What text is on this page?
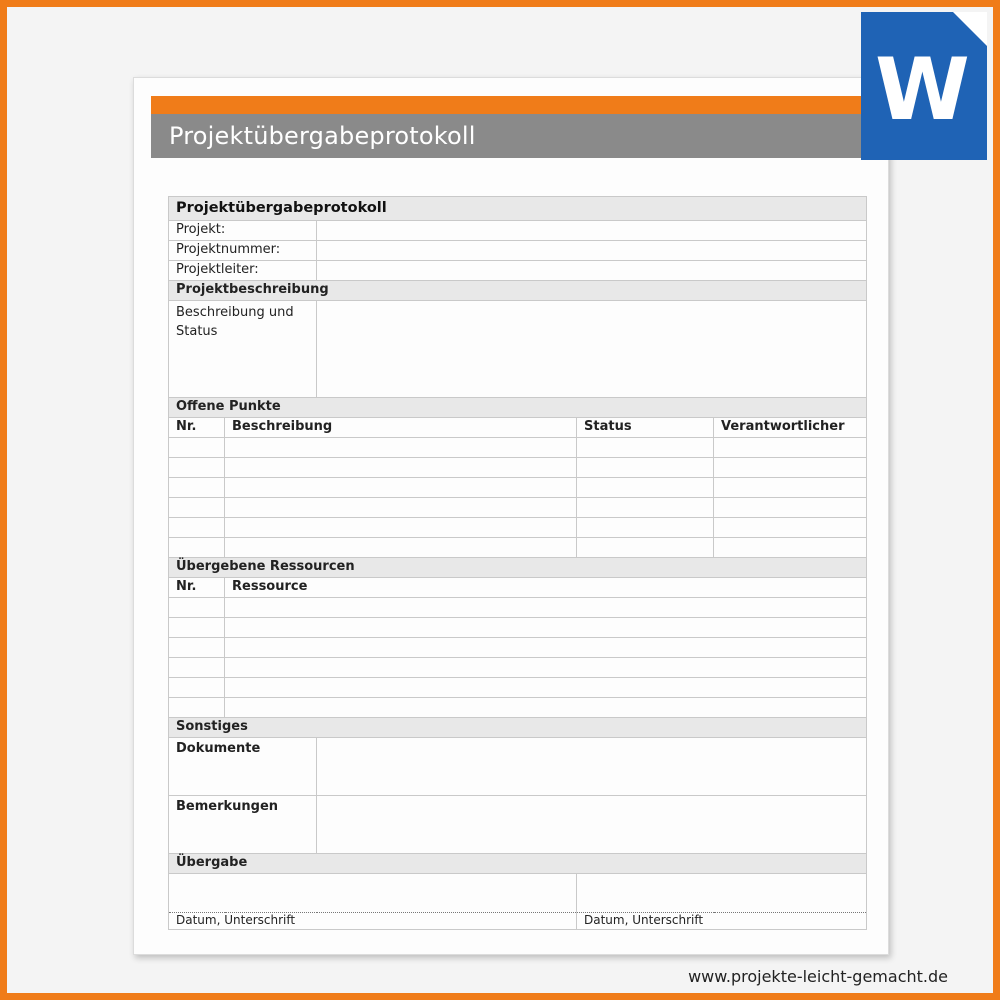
Projektübergabeprotokoll
Projektübergabeprotokoll				
Projekt:				
Projektnummer:				
Projektleiter:				
Projektbeschreibung				
Beschreibung und Status				
Offene Punkte				
Nr.	Beschreibung		Status	Verantwortlicher

Übergebene Ressourcen				
Nr.	Ressource			

Sonstiges				
Dokumente				
Bemerkungen				
Übergabe				

Datum, Unterschrift			Datum, Unterschrift	
W
www.projekte-leicht-gemacht.de
